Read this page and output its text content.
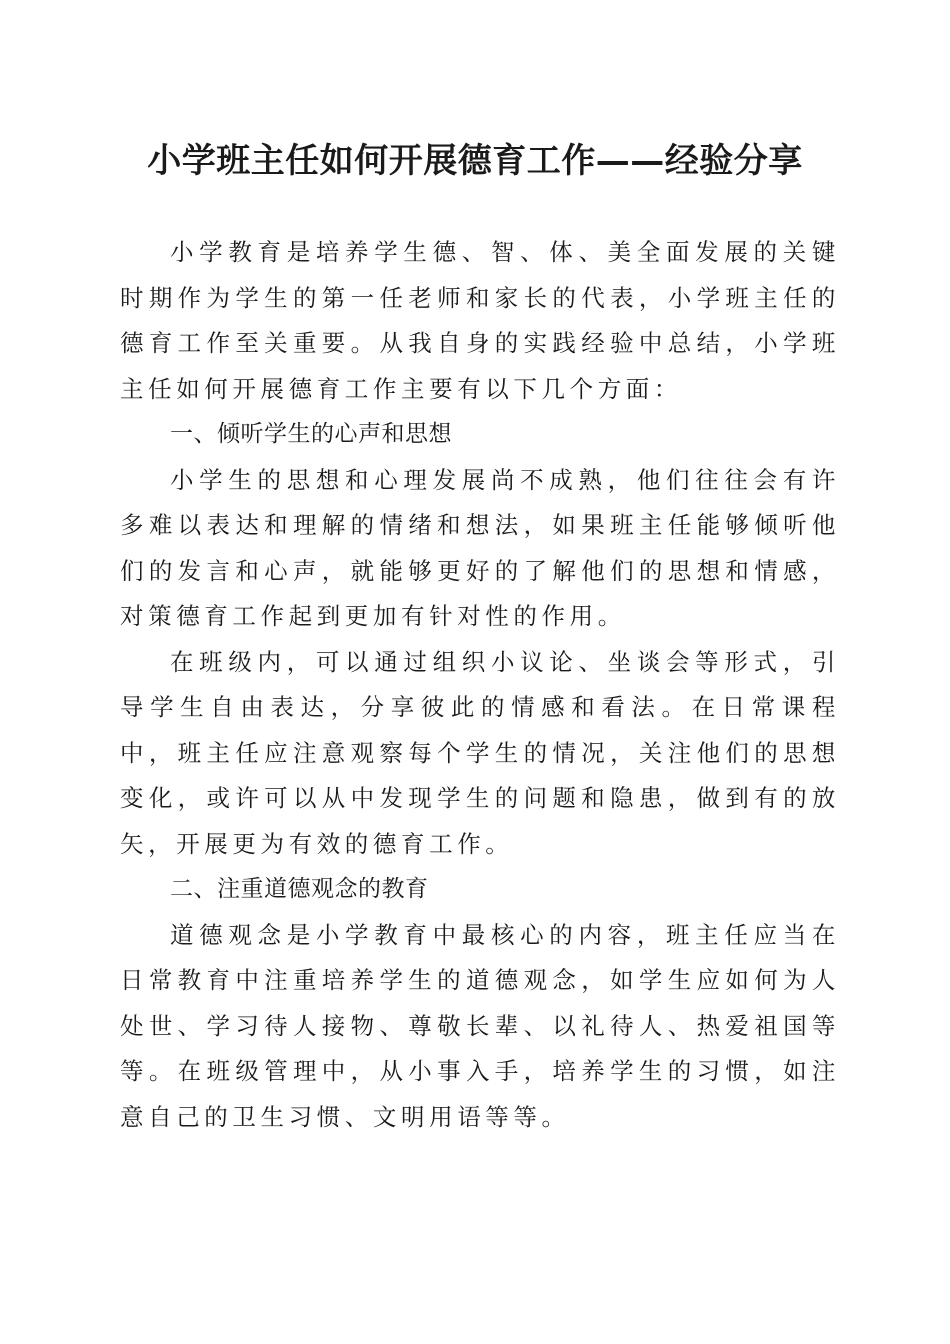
小学班主任如何开展德育工作——经验分享

小学教育是培养学生德、智、体、美全面发展的关键时期作为学生的第一任老师和家长的代表，小学班主任的德育工作至关重要。从我自身的实践经验中总结，小学班主任如何开展德育工作主要有以下几个方面：

一、倾听学生的心声和思想

小学生的思想和心理发展尚不成熟，他们往往会有许多难以表达和理解的情绪和想法，如果班主任能够倾听他们的发言和心声，就能够更好的了解他们的思想和情感，对策德育工作起到更加有针对性的作用。

在班级内，可以通过组织小议论、坐谈会等形式，引导学生自由表达，分享彼此的情感和看法。在日常课程中，班主任应注意观察每个学生的情况，关注他们的思想变化，或许可以从中发现学生的问题和隐患，做到有的放矢，开展更为有效的德育工作。

二、注重道德观念的教育

道德观念是小学教育中最核心的内容，班主任应当在日常教育中注重培养学生的道德观念，如学生应如何为人处世、学习待人接物、尊敬长辈、以礼待人、热爱祖国等等。在班级管理中，从小事入手，培养学生的习惯，如注意自己的卫生习惯、文明用语等等。
